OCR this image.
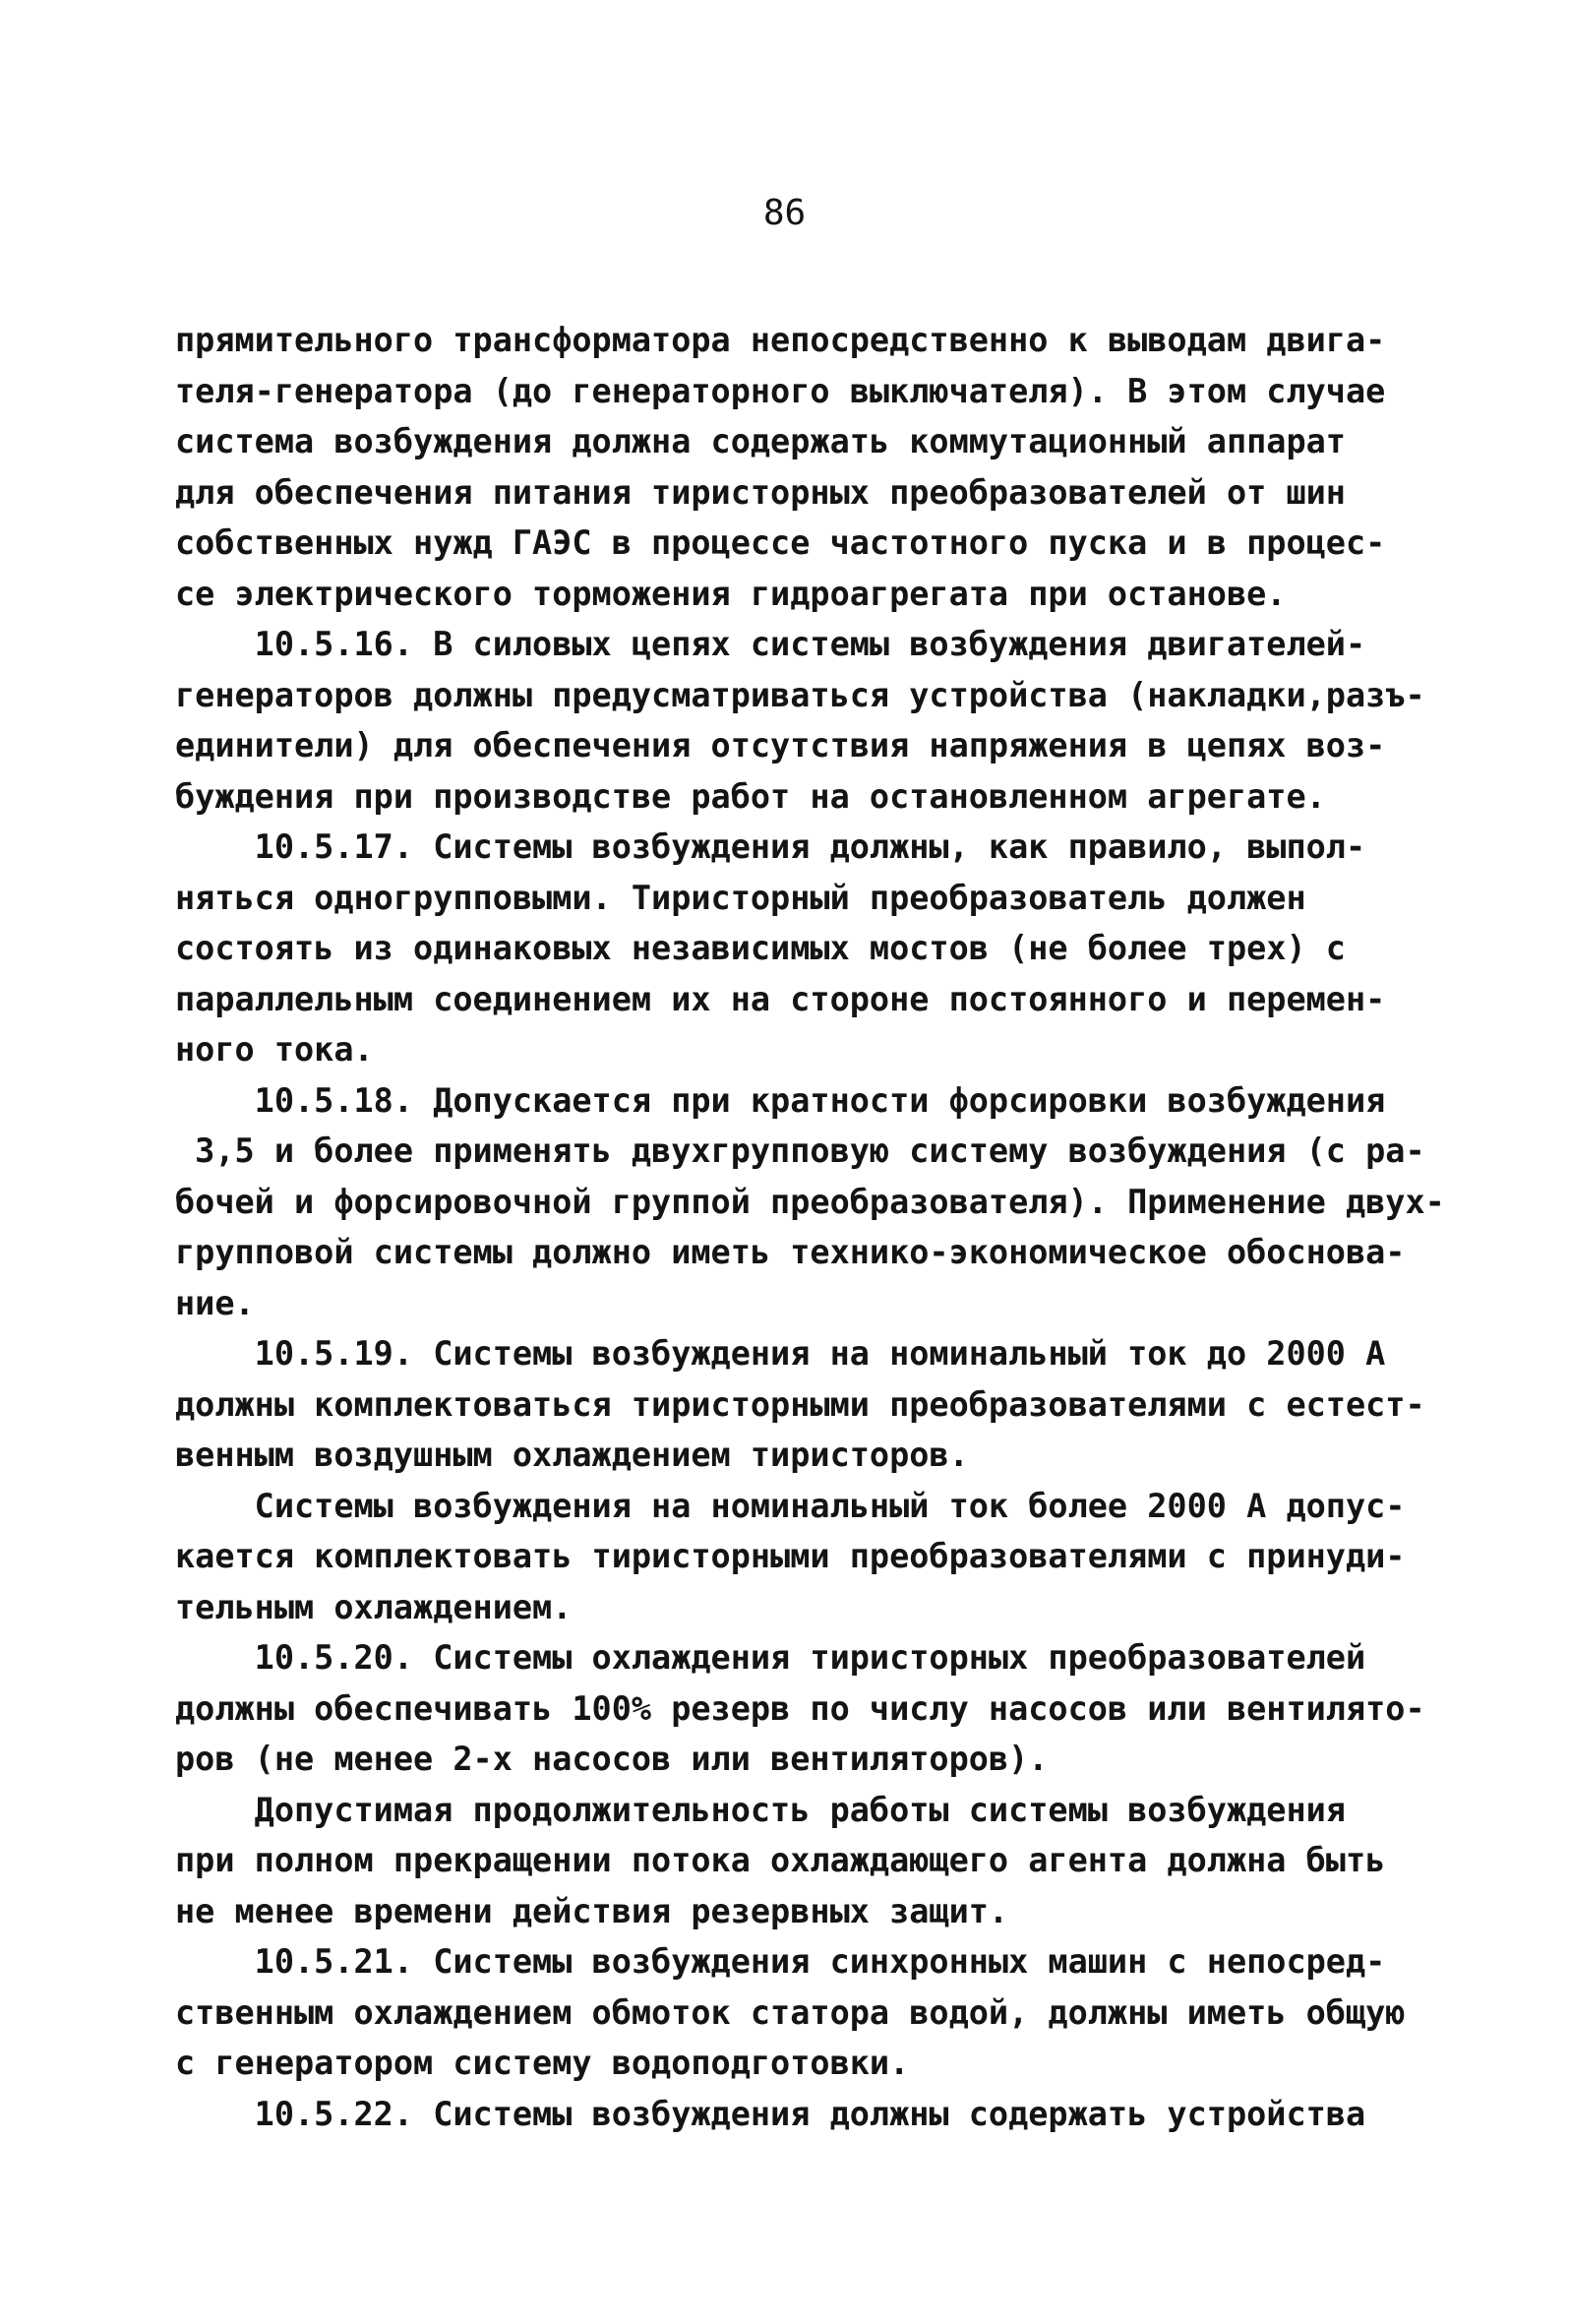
86
прямительного трансформатора непосредственно к выводам двига-
теля-генератора (до генераторного выключателя). В этом случае
система возбуждения должна содержать коммутационный аппарат
для обеспечения питания тиристорных преобразователей от шин
собственных нужд ГАЭС в процессе частотного пуска и в процес-
се электрического торможения гидроагрегата при останове.
10.5.16. В силовых цепях системы возбуждения двигателей-
генераторов должны предусматриваться устройства (накладки,разъ-
единители) для обеспечения отсутствия напряжения в цепях воз-
буждения при производстве работ на остановленном агрегате.
10.5.17. Системы возбуждения должны, как правило, выпол-
няться одногрупповыми. Тиристорный преобразователь должен
состоять из одинаковых независимых мостов (не более трех) с
параллельным соединением их на стороне постоянного и перемен-
ного тока.
10.5.18. Допускается при кратности форсировки возбуждения
3,5 и более применять двухгрупповую систему возбуждения (с ра-
бочей и форсировочной группой преобразователя). Применение двух-
групповой системы должно иметь технико-экономическое обоснова-
ние.
10.5.19. Системы возбуждения на номинальный ток до 2000 А
должны комплектоваться тиристорными преобразователями с естест-
венным воздушным охлаждением тиристоров.
Системы возбуждения на номинальный ток более 2000 А допус-
кается комплектовать тиристорными преобразователями с принуди-
тельным охлаждением.
10.5.20. Системы охлаждения тиристорных преобразователей
должны обеспечивать 100% резерв по числу насосов или вентилято-
ров (не менее 2-х насосов или вентиляторов).
Допустимая продолжительность работы системы возбуждения
при полном прекращении потока охлаждающего агента должна быть
не менее времени действия резервных защит.
10.5.21. Системы возбуждения синхронных машин с непосред-
ственным охлаждением обмоток статора водой, должны иметь общую
с генератором систему водоподготовки.
10.5.22. Системы возбуждения должны содержать устройства
